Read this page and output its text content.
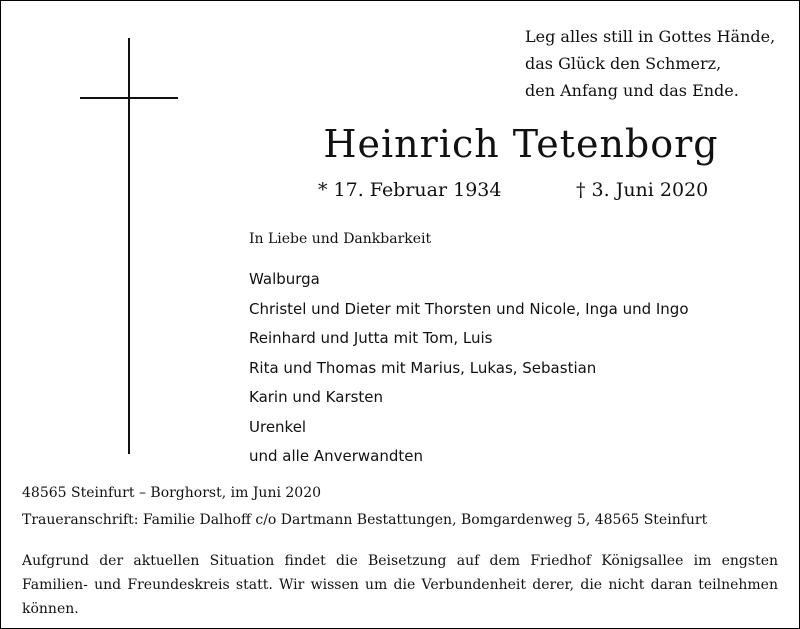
Leg alles still in Gottes Hände,
das Glück den Schmerz,
den Anfang und das Ende.
Heinrich Tetenborg
* 17. Februar 1934	† 3. Juni 2020
In Liebe und Dankbarkeit
Walburga
Christel und Dieter mit Thorsten und Nicole, Inga und Ingo
Reinhard und Jutta mit Tom, Luis
Rita und Thomas mit Marius, Lukas, Sebastian
Karin und Karsten
Urenkel
und alle Anverwandten
48565 Steinfurt – Borghorst, im Juni 2020
Traueranschrift: Familie Dalhoff c/o Dartmann Bestattungen, Bomgardenweg 5, 48565 Steinfurt
Aufgrund der aktuellen Situation findet die Beisetzung auf dem Friedhof Königsallee im engsten Familien- und Freundeskreis statt. Wir wissen um die Verbundenheit derer, die nicht daran teilnehmen können.
